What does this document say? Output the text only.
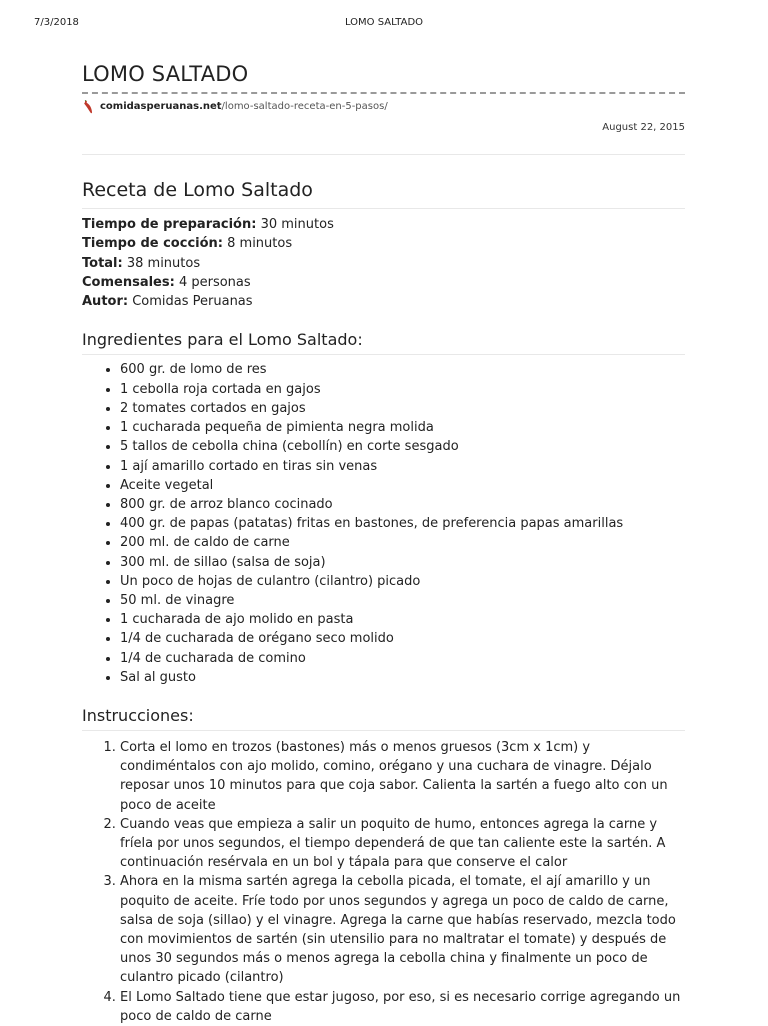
7/3/2018	LOMO SALTADO
LOMO SALTADO
comidasperuanas.net /lomo-saltado-receta-en-5-pasos/
August 22, 2015
Receta de Lomo Saltado
Tiempo de preparación: 30 minutos
Tiempo de cocción: 8 minutos
Total: 38 minutos
Comensales: 4 personas
Autor: Comidas Peruanas
Ingredientes para el Lomo Saltado:
• 600 gr. de lomo de res
• 1 cebolla roja cortada en gajos
• 2 tomates cortados en gajos
• 1 cucharada pequeña de pimienta negra molida
• 5 tallos de cebolla china (cebollín) en corte sesgado
• 1 ají amarillo cortado en tiras sin venas
• Aceite vegetal
• 800 gr. de arroz blanco cocinado
• 400 gr. de papas (patatas) fritas en bastones, de preferencia papas amarillas
• 200 ml. de caldo de carne
• 300 ml. de sillao (salsa de soja)
• Un poco de hojas de culantro (cilantro) picado
• 50 ml. de vinagre
• 1 cucharada de ajo molido en pasta
• 1/4 de cucharada de orégano seco molido
• 1/4 de cucharada de comino
• Sal al gusto
Instrucciones:
1. Corta el lomo en trozos (bastones) más o menos gruesos (3cm x 1cm) y condiméntalos con ajo molido, comino, orégano y una cuchara de vinagre. Déjalo reposar unos 10 minutos para que coja sabor. Calienta la sartén a fuego alto con un poco de aceite
2. Cuando veas que empieza a salir un poquito de humo, entonces agrega la carne y fríela por unos segundos, el tiempo dependerá de que tan caliente este la sartén. A continuación resérvala en un bol y tápala para que conserve el calor
3. Ahora en la misma sartén agrega la cebolla picada, el tomate, el ají amarillo y un poquito de aceite. Fríe todo por unos segundos y agrega un poco de caldo de carne, salsa de soja (sillao) y el vinagre. Agrega la carne que habías reservado, mezcla todo con movimientos de sartén (sin utensilio para no maltratar el tomate) y después de unos 30 segundos más o menos agrega la cebolla china y finalmente un poco de culantro picado (cilantro)
4. El Lomo Saltado tiene que estar jugoso, por eso, si es necesario corrige agregando un poco de caldo de carne
